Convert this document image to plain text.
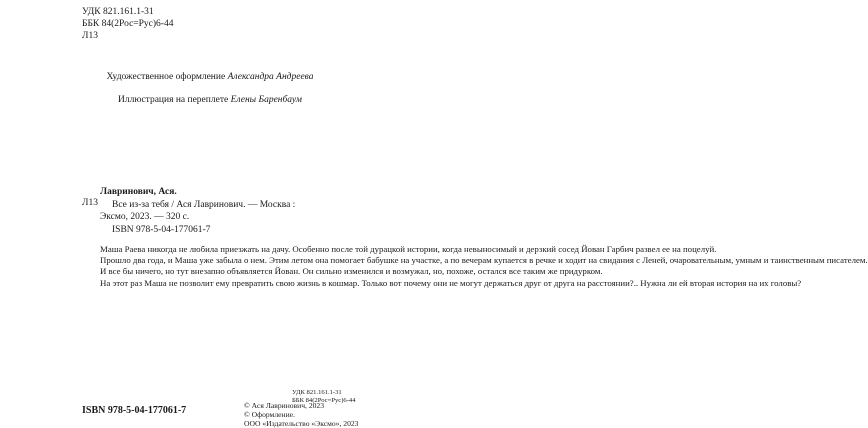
УДК 821.161.1-31
ББК 84(2Рос=Рус)6-44
Л13
Художественное оформление Александра Андреева
Иллюстрация на переплете Елены Баренбаум
Лавринович, Ася.
Все из-за тебя / Ася Лавринович. — Москва :
Эксмо, 2023. — 320 с.
ISBN 978-5-04-177061-7
Л13

Маша Раева никогда не любила приезжать на дачу. Особенно после той дурацкой истории, когда невыносимый и дерзкий сосед Йован Гарбич развел ее на поцелуй.

Прошло два года, и Маша уже забыла о нем. Этим летом она помогает бабушке на участке, а по вечерам купается в речке и ходит на свидания с Леней, очаровательным, умным и таинственным писателем.

И все бы ничего, но тут внезапно объявляется Йован. Он сильно изменился и возмужал, но, похоже, остался все таким же придурком.

На этот раз Маша не позволит ему превратить свою жизнь в кошмар. Только вот почему они не могут держаться друг от друга на расстоянии?.. Нужна ли ей вторая история на их головы?

УДК 821.161.1-31
ББК 84(2Рос=Рус)6-44
ISBN 978-5-04-177061-7	© Ася Лавринович, 2023
© Оформление.
ООО «Издательство «Эксмо», 2023
